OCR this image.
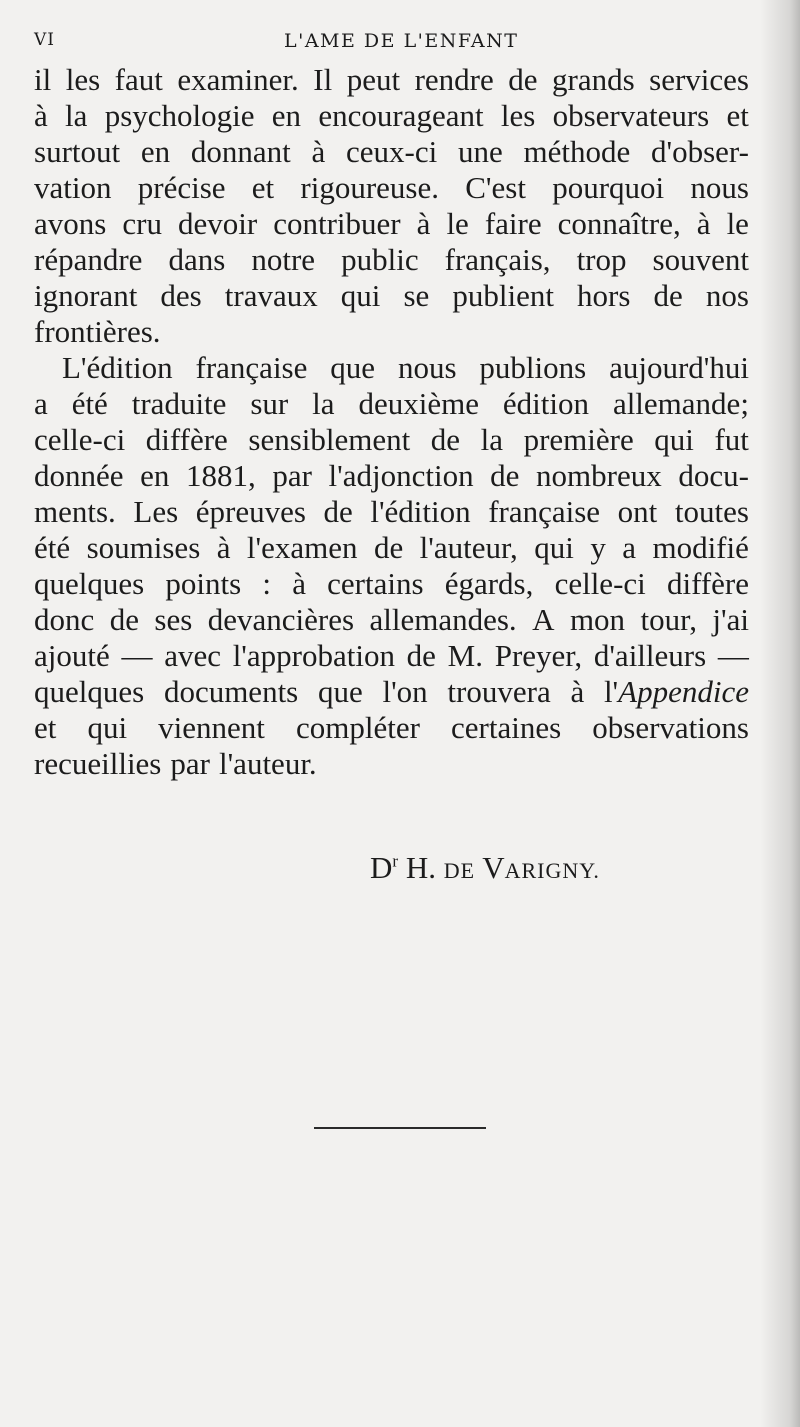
VI	L'AME DE L'ENFANT
il les faut examiner. Il peut rendre de grands services
à la psychologie en encourageant les observateurs et
surtout en donnant à ceux-ci une méthode d'obser-
vation précise et rigoureuse. C'est pourquoi nous
avons cru devoir contribuer à le faire connaître, à le
répandre dans notre public français, trop souvent
ignorant des travaux qui se publient hors de nos
frontières.
L'édition française que nous publions aujourd'hui
a été traduite sur la deuxième édition allemande;
celle-ci diffère sensiblement de la première qui fut
donnée en 1881, par l'adjonction de nombreux docu-
ments. Les épreuves de l'édition française ont toutes
été soumises à l'examen de l'auteur, qui y a modifié
quelques points : à certains égards, celle-ci diffère
donc de ses devancières allemandes. A mon tour, j'ai
ajouté — avec l'approbation de M. Preyer, d'ailleurs —
quelques documents que l'on trouvera à l'Appendice
et qui viennent compléter certaines observations
recueillies par l'auteur.
$D^r$ H. DE VARIGNY.
